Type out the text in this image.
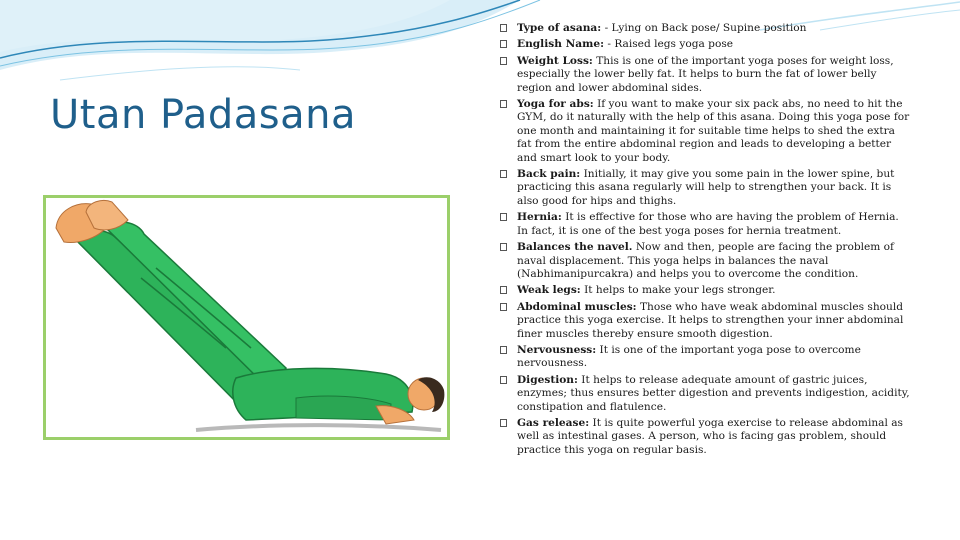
Utan Padasana
Type of asana: - Lying on Back pose/ Supine position
English Name: - Raised legs yoga pose
Weight Loss: This is one of the important yoga poses for weight loss, especially the lower belly fat. It helps to burn the fat of lower belly region and lower abdominal sides.
Yoga for abs: If you want to make your six pack abs, no need to hit the GYM, do it naturally with the help of this asana. Doing this yoga pose for one month and maintaining it for suitable time helps to shed the extra fat from the entire abdominal region and leads to developing a better and smart look to your body.
Back pain: Initially, it may give you some pain in the lower spine, but practicing this asana regularly will help to strengthen your back. It is also good for hips and thighs.
Hernia: It is effective for those who are having the problem of Hernia. In fact, it is one of the best yoga poses for hernia treatment.
Balances the navel. Now and then, people are facing the problem of naval displacement. This yoga helps in balances the naval (Nabhimanipurcakra) and helps you to overcome the condition.
Weak legs: It helps to make your legs stronger.
Abdominal muscles: Those who have weak abdominal muscles should practice this yoga exercise. It helps to strengthen your inner abdominal finer muscles thereby ensure smooth digestion.
Nervousness: It is one of the important yoga pose to overcome nervousness.
Digestion: It helps to release adequate amount of gastric juices, enzymes; thus ensures better digestion and prevents indigestion, acidity, constipation and flatulence.
Gas release: It is quite powerful yoga exercise to release abdominal as well as intestinal gases. A person, who is facing gas problem, should practice this yoga on regular basis.
